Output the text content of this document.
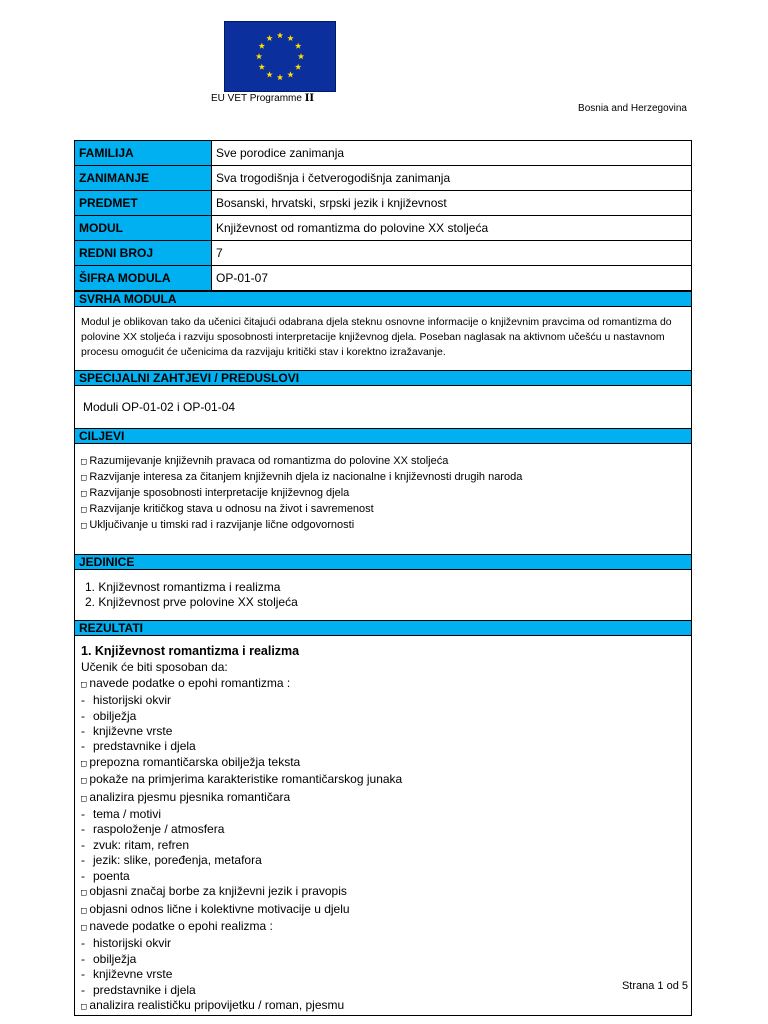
EU VET Programme II
Bosnia and Herzegovina
FAMILIJA	Sve porodice zanimanja
ZANIMANJE	Sva trogodišnja i četverogodišnja zanimanja
PREDMET	Bosanski, hrvatski, srpski jezik i književnost
MODUL	Književnost od romantizma do polovine XX stoljeća
REDNI BROJ	7
ŠIFRA MODULA	OP-01-07
SVRHA MODULA
Modul je oblikovan tako da učenici čitajući odabrana djela steknu osnovne informacije o književnim pravcima od romantizma do polovine XX stoljeća i razviju sposobnosti interpretacije književnog djela. Poseban naglasak na aktivnom učešću u nastavnom procesu omogućit će učenicima da razvijaju kritički stav i korektno izražavanje.
SPECIJALNI ZAHTJEVI / PREDUSLOVI
Moduli OP-01-02 i OP-01-04
CILJEVI

□ Razumijevanje književnih pravaca od romantizma do polovine XX stoljeća
□ Razvijanje interesa za čitanjem književnih djela iz nacionalne i književnosti drugih naroda
□ Razvijanje sposobnosti interpretacije književnog djela
□ Razvijanje kritičkog stava u odnosu na život i savremenost
□ Uključivanje u timski rad i razvijanje lične odgovornosti

JEDINICE

1. Književnost romantizma i realizma
2. Književnost prve polovine XX stoljeća

REZULTATI

1. Književnost romantizma i realizma
Učenik će biti sposoban da:
□ navede podatke o epohi romantizma :
- historijski okvir
- obilježja
- književne vrste
- predstavnike i djela
□ prepozna romantičarska obilježja teksta
□ pokaže na primjerima karakteristike romantičarskog junaka
□ analizira pjesmu pjesnika romantičara
- tema / motivi
- raspoloženje / atmosfera
- zvuk: ritam, refren
- jezik: slike, poređenja, metafora
- poenta
□ objasni značaj borbe za književni jezik i pravopis
□ objasni odnos lične i kolektivne motivacije u djelu
□ navede podatke o epohi realizma :
- historijski okvir
- obilježja
- književne vrste
- predstavnike i djela
□ analizira realističku pripovijetku / roman, pjesmu
Strana 1 od 5
